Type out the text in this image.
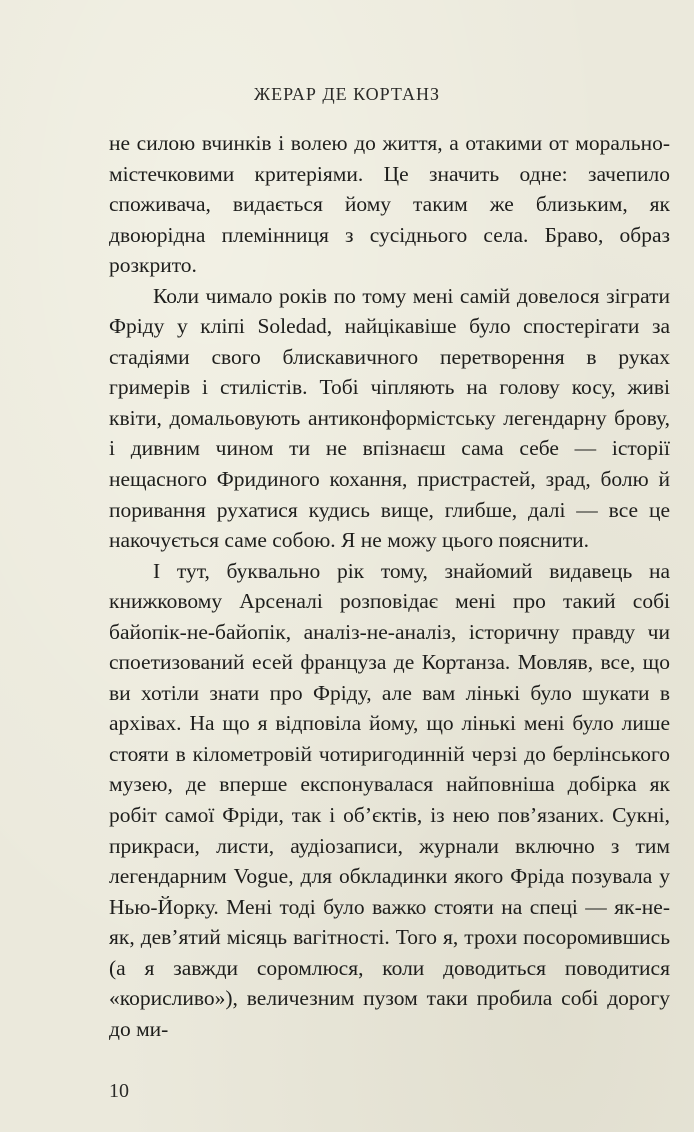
ЖЕРАР ДЕ КОРТАНЗ

не силою вчинків і волею до життя, а отакими от морально-містечковими критеріями. Це значить одне: зачепило споживача, видається йому таким же близьким, як двоюрідна племінниця з сусіднього села. Браво, образ розкрито.

Коли чимало років по тому мені самій довелося зіграти Фріду у кліпі Soledad, найцікавіше було спостерігати за стадіями свого блискавичного перетворення в руках гримерів і стилістів. Тобі чіпляють на голову косу, живі квіти, домальовують антиконформістську легендарну брову, і дивним чином ти не впізнаєш сама себе — історії нещасного Фридиного кохання, пристрастей, зрад, болю й поривання рухатися кудись вище, глибше, далі — все це накочується саме собою. Я не можу цього пояснити.

І тут, буквально рік тому, знайомий видавець на книжковому Арсеналі розповідає мені про такий собі байопік-не-байопік, аналіз-не-аналіз, історичну правду чи споетизований есей француза де Кортанза. Мовляв, все, що ви хотіли знати про Фріду, але вам лінькі було шукати в архівах. На що я відповіла йому, що лінькі мені було лише стояти в кілометровій чотиригодинній черзі до берлінського музею, де вперше експонувалася найповніша добірка як робіт самої Фріди, так і об’єктів, із нею пов’язаних. Сукні, прикраси, листи, аудіозаписи, журнали включно з тим легендарним Vogue, для обкладинки якого Фріда позувала у Нью-Йорку. Мені тоді було важко стояти на спеці — як-не-як, дев’ятий місяць вагітності. Того я, трохи посоромившись (а я завжди соромлюся, коли доводиться поводитися «корисливо»), величезним пузом таки пробила собі дорогу до ми-

10
